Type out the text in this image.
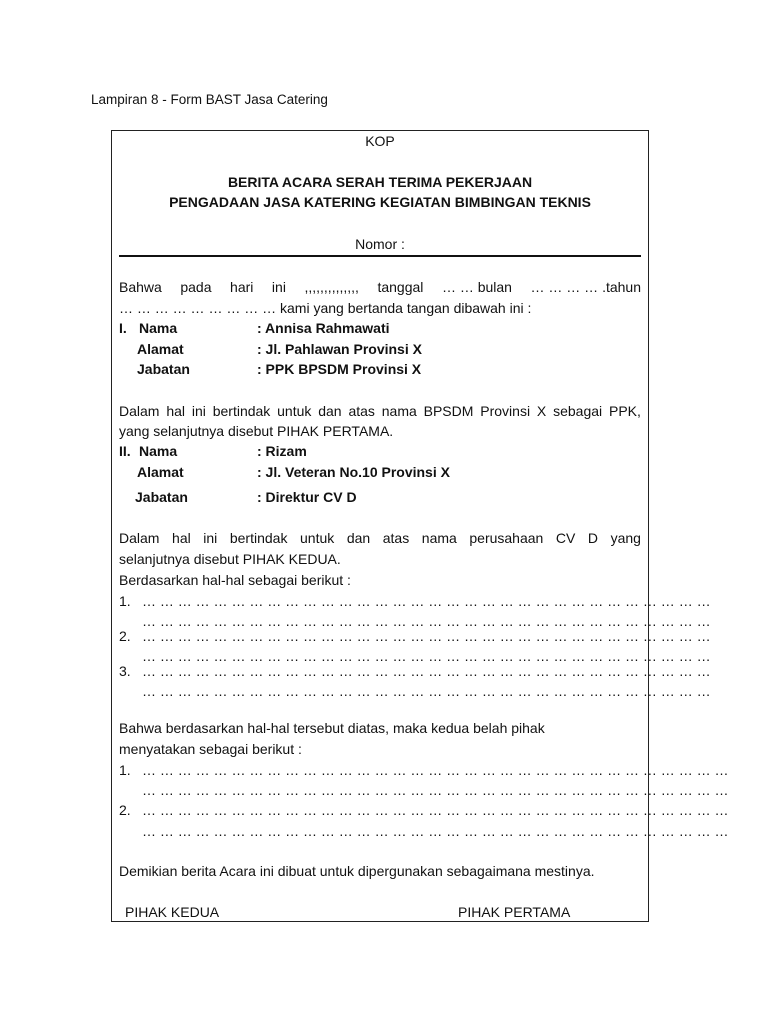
Lampiran 8 - Form BAST Jasa Catering
KOP
BERITA ACARA SERAH TERIMA PEKERJAAN
PENGADAAN JASA KATERING KEGIATAN BIMBINGAN TEKNIS
Nomor :
Bahwa pada hari ini ,,,,,,,,,,,,,, tanggal … … bulan … … … … .tahun
… … … … … … … … … kami yang bertanda tangan dibawah ini :
I. Nama	: Annisa Rahmawati
Alamat	: Jl. Pahlawan Provinsi X
Jabatan	: PPK BPSDM Provinsi X
Dalam hal ini bertindak untuk dan atas nama BPSDM Provinsi X sebagai PPK,
yang selanjutnya disebut PIHAK PERTAMA.
II. Nama	: Rizam
Alamat	: Jl. Veteran No.10 Provinsi X
Jabatan	: Direktur CV D
Dalam hal ini bertindak untuk dan atas nama perusahaan CV D yang
selanjutnya disebut PIHAK KEDUA.
Berdasarkan hal-hal sebagai berikut :
1. … … … … … … … … … … … … … … … … … … … … … … … … … … … … … … … …
… … … … … … … … … … … … … … … … … … … … … … … … … … … … … … … …
2. … … … … … … … … … … … … … … … … … … … … … … … … … … … … … … … …
… … … … … … … … … … … … … … … … … … … … … … … … … … … … … … … …
3. … … … … … … … … … … … … … … … … … … … … … … … … … … … … … … … …
… … … … … … … … … … … … … … … … … … … … … … … … … … … … … … … …
Bahwa berdasarkan hal-hal tersebut diatas, maka kedua belah pihak
menyatakan sebagai berikut :
1. … … … … … … … … … … … … … … … … … … … … … … … … … … … … … … … … …
… … … … … … … … … … … … … … … … … … … … … … … … … … … … … … … … …
2. … … … … … … … … … … … … … … … … … … … … … … … … … … … … … … … … …
… … … … … … … … … … … … … … … … … … … … … … … … … … … … … … … … …
Demikian berita Acara ini dibuat untuk dipergunakan sebagaimana mestinya.
PIHAK KEDUA	PIHAK PERTAMA
